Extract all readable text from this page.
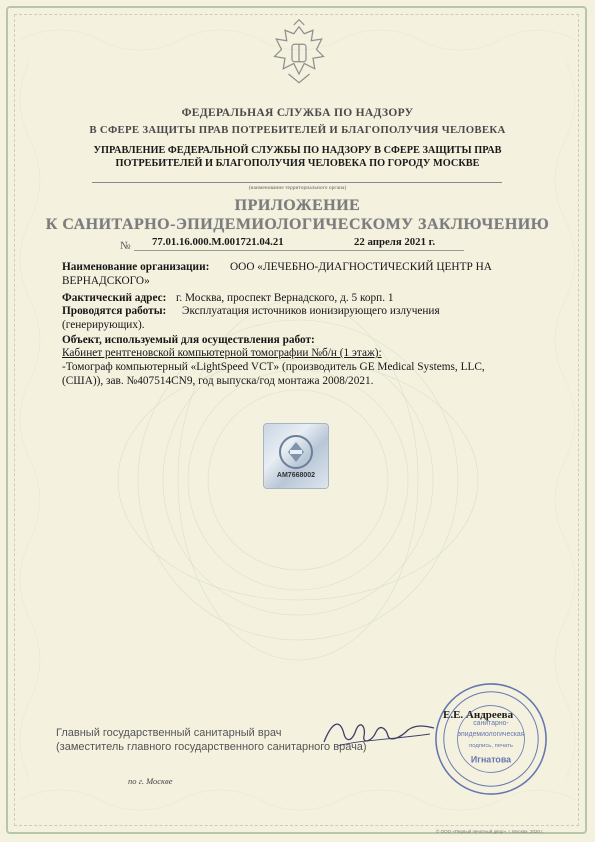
ФЕДЕРАЛЬНАЯ СЛУЖБА ПО НАДЗОРУ
В СФЕРЕ ЗАЩИТЫ ПРАВ ПОТРЕБИТЕЛЕЙ И БЛАГОПОЛУЧИЯ ЧЕЛОВЕКА
УПРАВЛЕНИЕ ФЕДЕРАЛЬНОЙ СЛУЖБЫ ПО НАДЗОРУ В СФЕРЕ ЗАЩИТЫ ПРАВ
ПОТРЕБИТЕЛЕЙ И БЛАГОПОЛУЧИЯ ЧЕЛОВЕКА ПО ГОРОДУ МОСКВЕ
(наименование территориального органа)
ПРИЛОЖЕНИЕ
К САНИТАРНО-ЭПИДЕМИОЛОГИЧЕСКОМУ ЗАКЛЮЧЕНИЮ
№ 77.01.16.000.М.001721.04.21	22 апреля 2021 г.
Наименование организации: ООО «ЛЕЧЕБНО-ДИАГНОСТИЧЕСКИЙ ЦЕНТР НА
ВЕРНАДСКОГО»
Фактический адрес: г. Москва, проспект Вернадского, д. 5 корп. 1
Проводятся работы: Эксплуатация источников ионизирующего излучения
(генерирующих).
Объект, используемый для осуществления работ:
Кабинет рентгеновской компьютерной томографии №б/н (1 этаж):
-Томограф компьютерный «LightSpeed VCT» (производитель GE Medical Systems, LLC,
(США)), зав. №407514CN9, год выпуска/год монтажа 2008/2021.
АМ7668002
Главный государственный санитарный врач
(заместитель главного государственного санитарного врача)
Е.Е. Андреева
санитарно-
эпидемиологическая
подпись, печать
Игнатова
по г. Москве
© ООО «Первый печатный двор», г. Москва, 2020 г.
